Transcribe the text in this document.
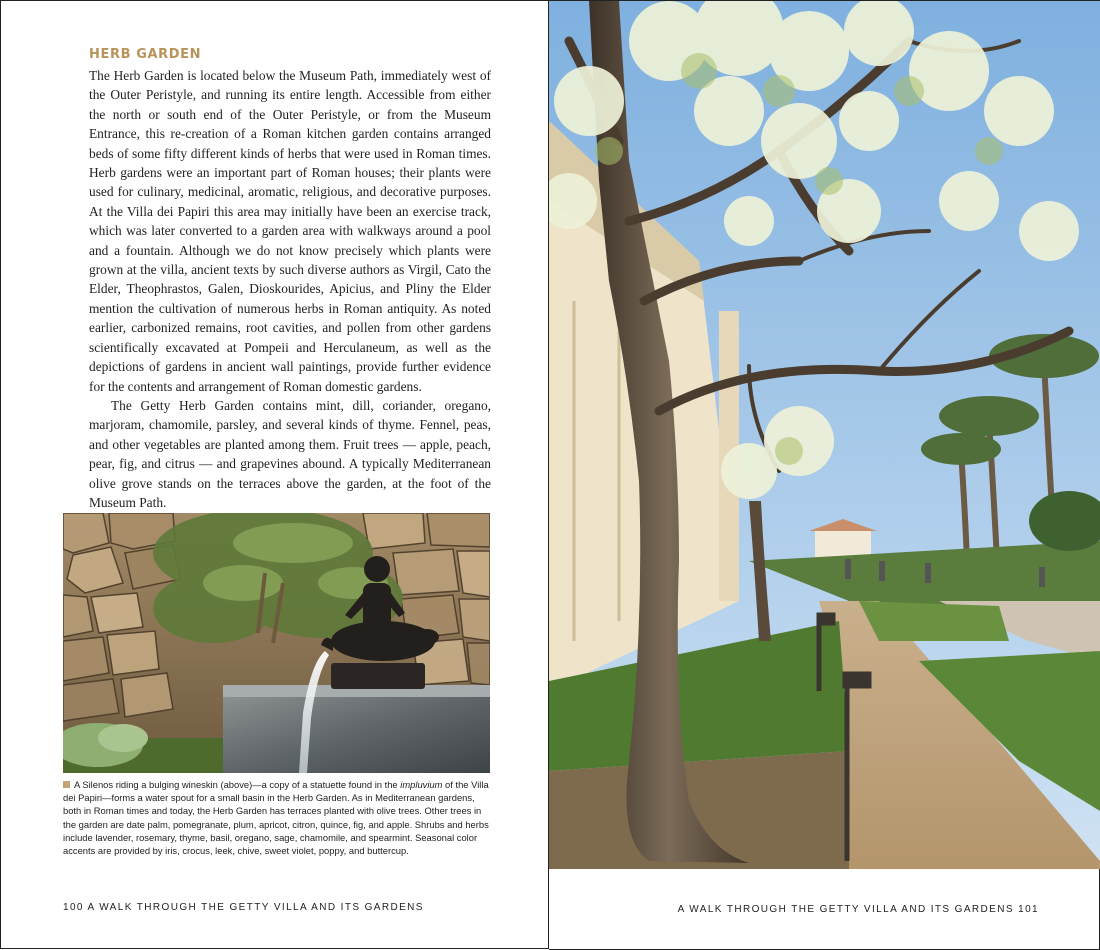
HERB GARDEN

The Herb Garden is located below the Museum Path, immediately west of the Outer Peristyle, and running its entire length. Accessible from either the north or south end of the Outer Peristyle, or from the Museum Entrance, this re-creation of a Roman kitchen garden contains arranged beds of some fifty different kinds of herbs that were used in Roman times. Herb gardens were an important part of Roman houses; their plants were used for culinary, medicinal, aromatic, religious, and decorative purposes. At the Villa dei Papiri this area may initially have been an exercise track, which was later converted to a garden area with walkways around a pool and a fountain. Although we do not know precisely which plants were grown at the villa, ancient texts by such diverse authors as Virgil, Cato the Elder, Theophrastos, Galen, Dioskourides, Apicius, and Pliny the Elder mention the cultivation of numerous herbs in Roman antiquity. As noted earlier, carbonized remains, root cavities, and pollen from other gardens scientifically excavated at Pompeii and Herculaneum, as well as the depictions of gardens in ancient wall paintings, provide further evidence for the contents and arrangement of Roman domestic gardens.

The Getty Herb Garden contains mint, dill, coriander, oregano, marjoram, chamomile, parsley, and several kinds of thyme. Fennel, peas, and other vegetables are planted among them. Fruit trees — apple, peach, pear, fig, and citrus — and grapevines abound. A typically Mediterranean olive grove stands on the terraces above the garden, at the foot of the Museum Path.

A Silenos riding a bulging wineskin (above)—a copy of a statuette found in the impluvium of the Villa dei Papiri—forms a water spout for a small basin in the Herb Garden. As in Mediterranean gardens, both in Roman times and today, the Herb Garden has terraces planted with olive trees. Other trees in the garden are date palm, pomegranate, plum, apricot, citron, quince, fig, and apple. Shrubs and herbs include lavender, rosemary, thyme, basil, oregano, sage, chamomile, and spearmint. Seasonal color accents are provided by iris, crocus, leek, chive, sweet violet, poppy, and buttercup.
100 A WALK THROUGH THE GETTY VILLA AND ITS GARDENS	A WALK THROUGH THE GETTY VILLA AND ITS GARDENS 101
